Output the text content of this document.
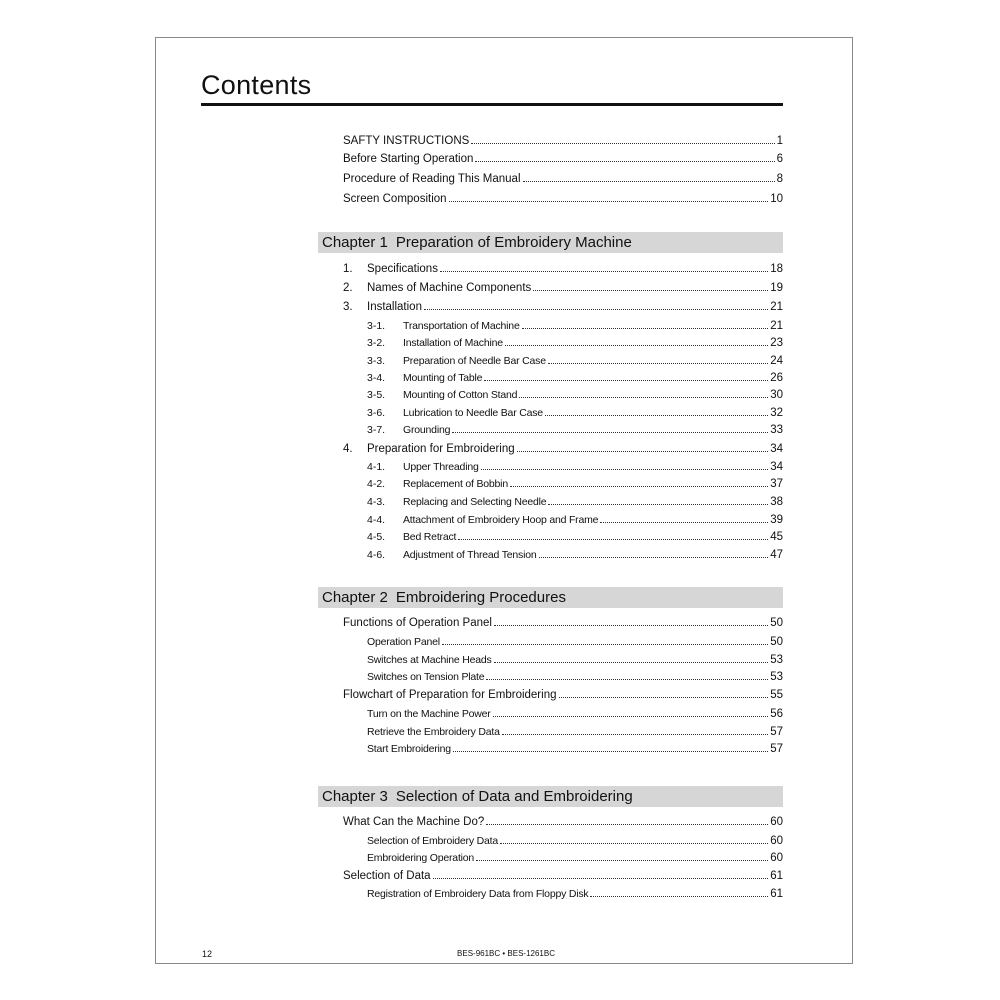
Contents
SAFTY INSTRUCTIONS	1
Before Starting Operation	6
Procedure of Reading This Manual	8
Screen Composition	10
Chapter 1 Preparation of Embroidery Machine
1.	Specifications	18
2.	Names of Machine Components	19
3.	Installation	21
3-1.	Transportation of Machine	21
3-2.	Installation of Machine	23
3-3.	Preparation of Needle Bar Case	24
3-4.	Mounting of Table	26
3-5.	Mounting of Cotton Stand	30
3-6.	Lubrication to Needle Bar Case	32
3-7.	Grounding	33
4.	Preparation for Embroidering	34
4-1.	Upper Threading	34
4-2.	Replacement of Bobbin	37
4-3.	Replacing and Selecting Needle	38
4-4.	Attachment of Embroidery Hoop and Frame	39
4-5.	Bed Retract	45
4-6.	Adjustment of Thread Tension	47
Chapter 2 Embroidering Procedures
Functions of Operation Panel	50
Operation Panel	50
Switches at Machine Heads	53
Switches on Tension Plate	53
Flowchart of Preparation for Embroidering	55
Turn on the Machine Power	56
Retrieve the Embroidery Data	57
Start Embroidering	57
Chapter 3 Selection of Data and Embroidering
What Can the Machine Do?	60
Selection of Embroidery Data	60
Embroidering Operation	60
Selection of Data	61
Registration of Embroidery Data from Floppy Disk	61
12	BES-961BC • BES-1261BC
